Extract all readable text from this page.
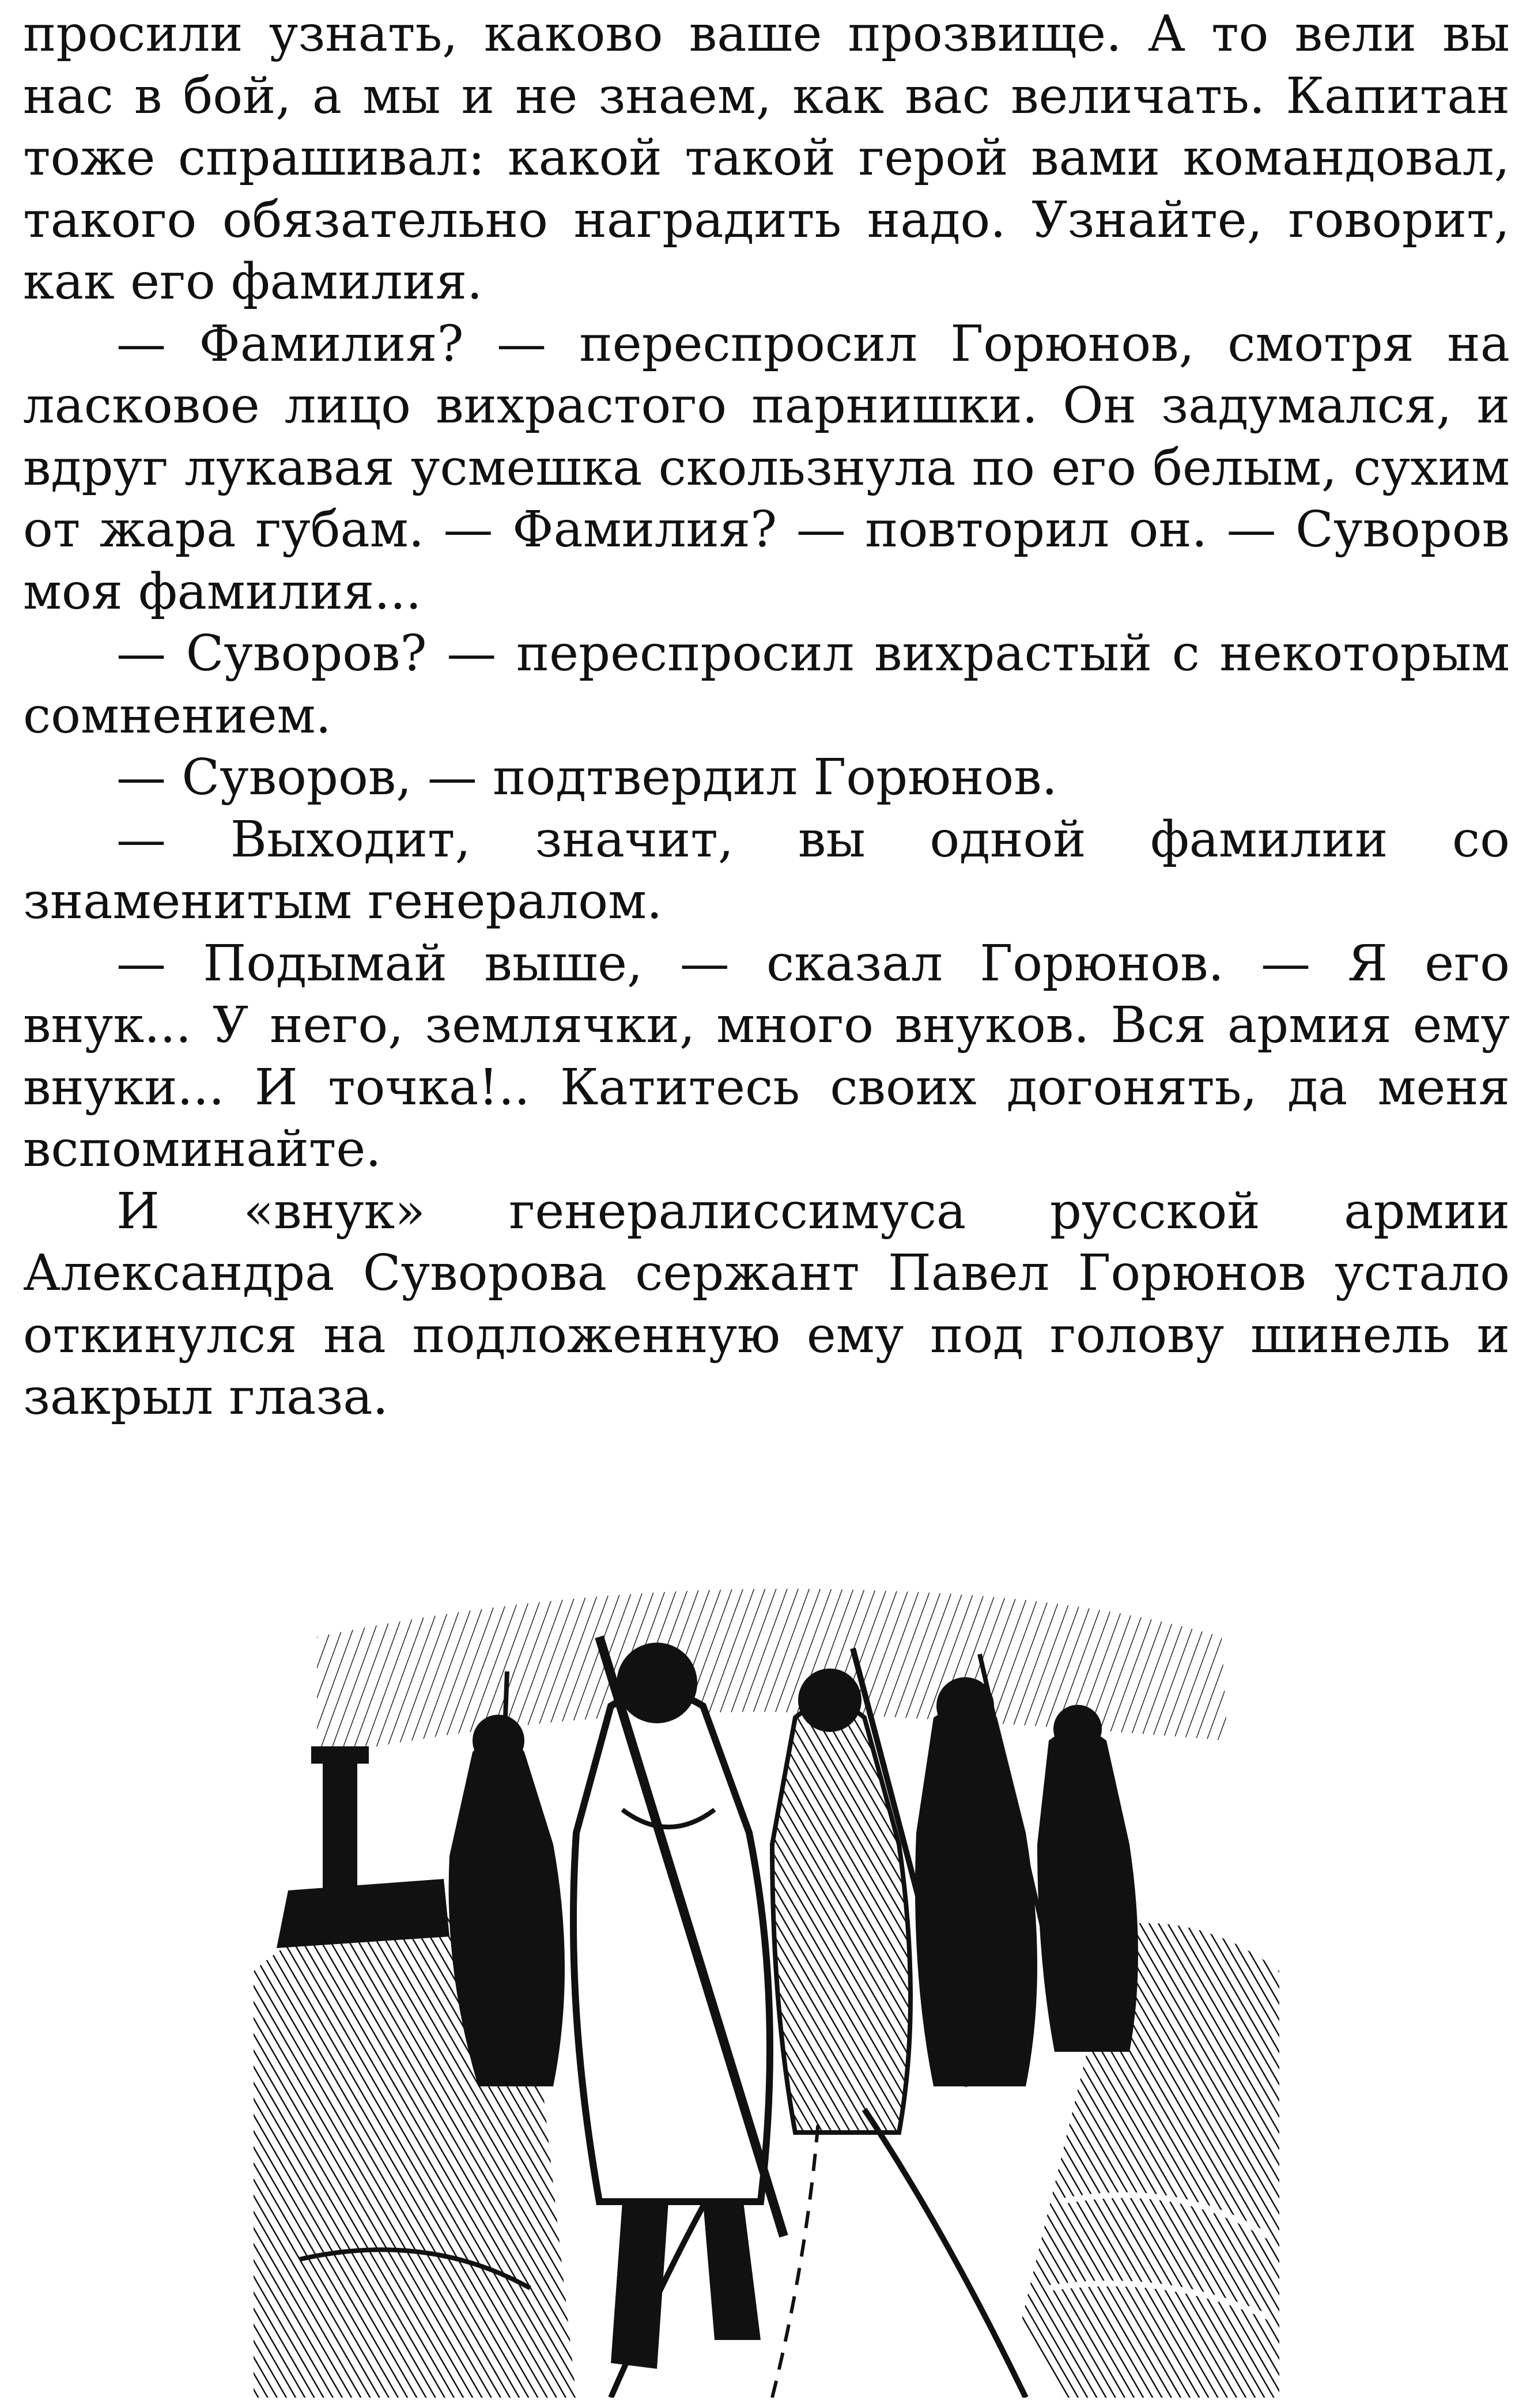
просили узнать, каково ваше прозвище. А то вели вы нас в бой, а мы и не знаем, как вас величать. Капитан тоже спрашивал: какой такой герой вами командовал, такого обязательно наградить надо. Узнайте, говорит, как его фамилия.

— Фамилия? — переспросил Горюнов, смотря на ласковое лицо вихрастого парнишки. Он задумался, и вдруг лукавая усмешка скользнула по его белым, сухим от жара губам. — Фамилия? — повторил он. — Суворов моя фамилия...

— Суворов? — переспросил вихрастый с некоторым сомнением.

— Суворов, — подтвердил Горюнов.

— Выходит, значит, вы одной фамилии со знаменитым генералом.

— Подымай выше, — сказал Горюнов. — Я его внук... У него, землячки, много внуков. Вся армия ему внуки... И точка!.. Катитесь своих догонять, да меня вспоминайте.

И «внук» генералиссимуса русской армии Александра Суворова сержант Павел Горюнов устало откинулся на подложенную ему под голову шинель и закрыл глаза.
